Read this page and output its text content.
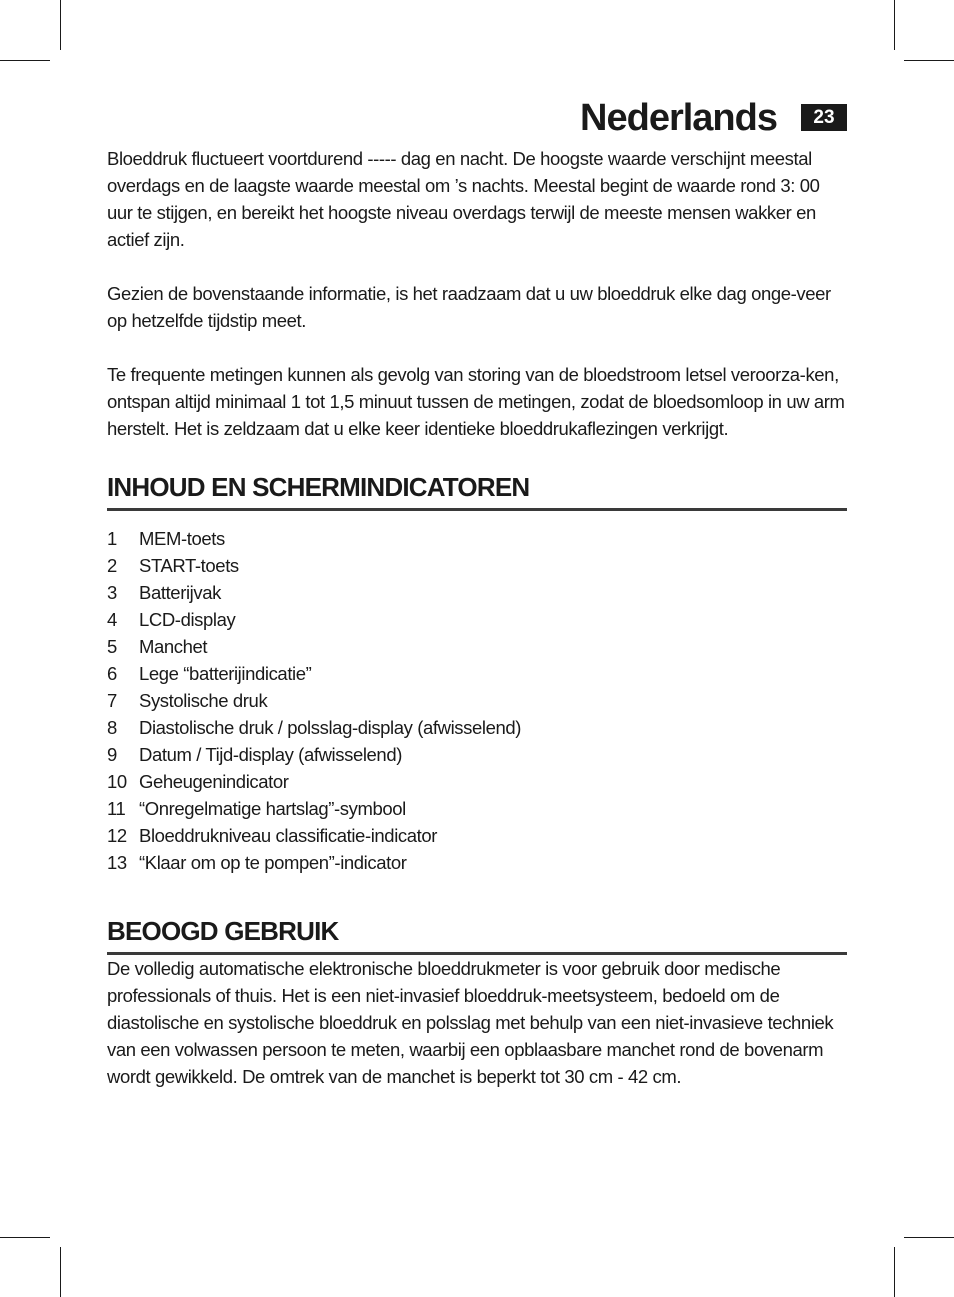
Nederlands	23

Bloeddruk fluctueert voortdurend ----- dag en nacht. De hoogste waarde verschijnt meestal overdags en de laagste waarde meestal om ’s nachts. Meestal begint de waarde rond 3: 00 uur te stijgen, en bereikt het hoogste niveau overdags terwijl de meeste mensen wakker en actief zijn.

Gezien de bovenstaande informatie, is het raadzaam dat u uw bloeddruk elke dag onge-veer op hetzelfde tijdstip meet.

Te frequente metingen kunnen als gevolg van storing van de bloedstroom letsel veroorza-ken, ontspan altijd minimaal 1 tot 1,5 minuut tussen de metingen, zodat de bloedsomloop in uw arm herstelt. Het is zeldzaam dat u elke keer identieke bloeddrukaflezingen verkrijgt.

INHOUD EN SCHERMINDICATOREN
1	MEM-toets
2	START-toets
3	Batterijvak
4	LCD-display
5	Manchet
6	Lege “batterijindicatie”
7	Systolische druk
8	Diastolische druk / polsslag-display (afwisselend)
9	Datum / Tijd-display (afwisselend)
10 Geheugenindicator
11 “Onregelmatige hartslag”-symbool
12 Bloeddrukniveau classificatie-indicator
13 “Klaar om op te pompen”-indicator
BEOOGD GEBRUIK

De volledig automatische elektronische bloeddrukmeter is voor gebruik door medische professionals of thuis. Het is een niet-invasief bloeddruk-meetsysteem, bedoeld om de diastolische en systolische bloeddruk en polsslag met behulp van een niet-invasieve techniek van een volwassen persoon te meten, waarbij een opblaasbare manchet rond de bovenarm wordt gewikkeld. De omtrek van de manchet is beperkt tot 30 cm - 42 cm.
